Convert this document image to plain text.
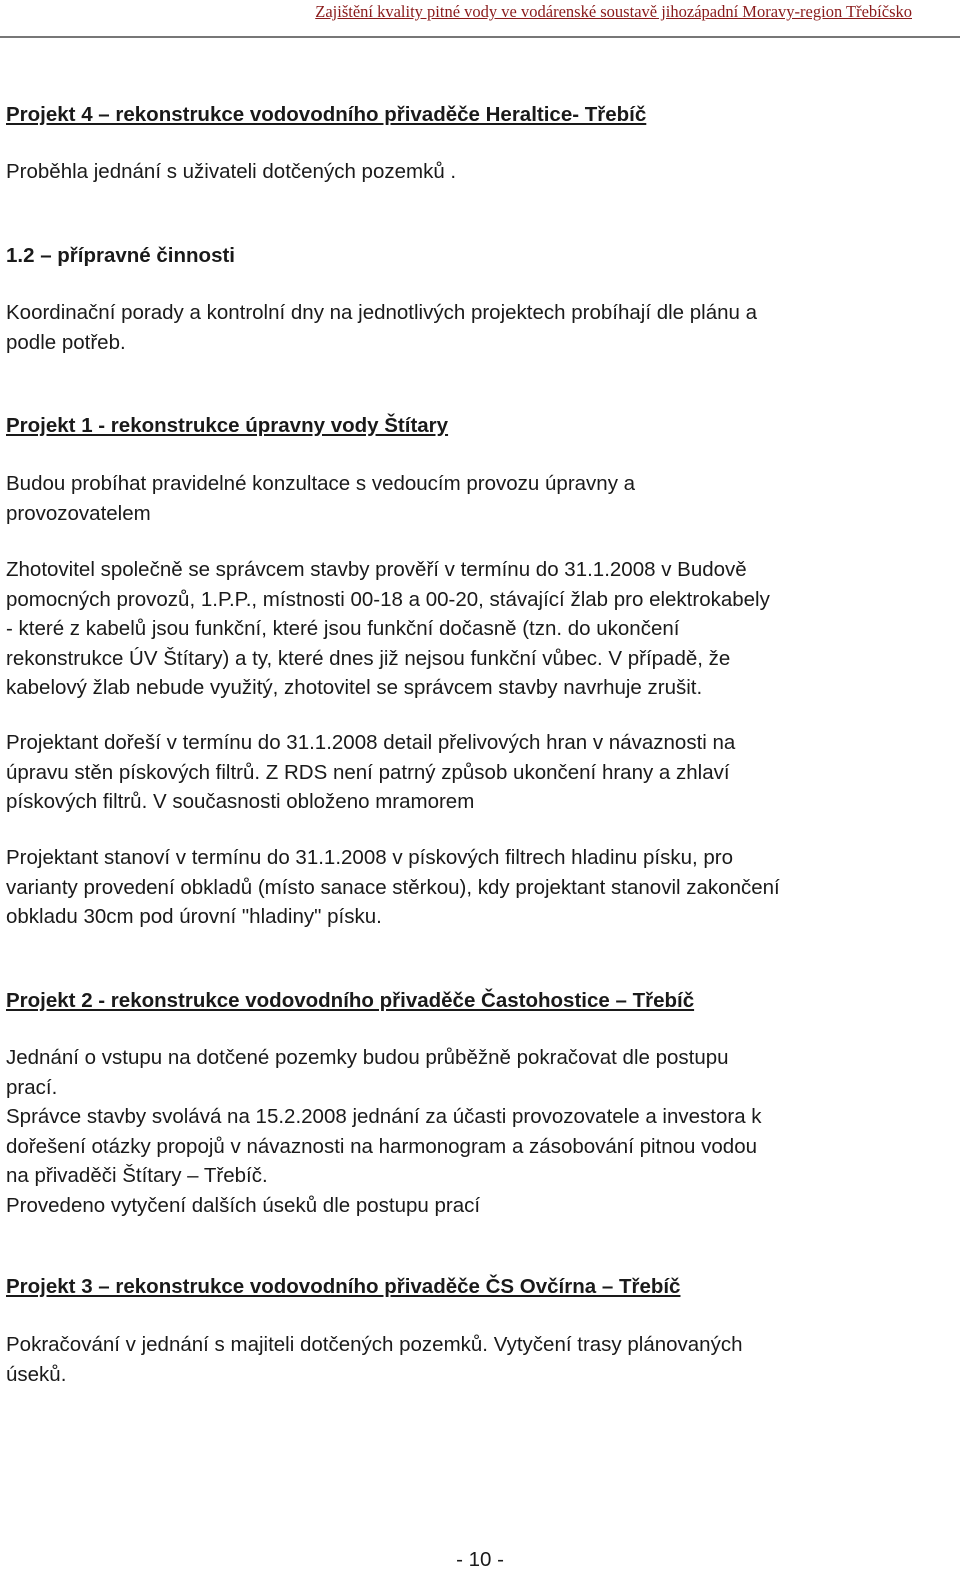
Zajištění kvality pitné vody ve vodárenské soustavě jihozápadní Moravy-region Třebíčsko
Projekt 4 – rekonstrukce vodovodního přivaděče Heraltice- Třebíč
Proběhla jednání s uživateli dotčených pozemků .
1.2 – přípravné činnosti
Koordinační porady a kontrolní dny na jednotlivých projektech probíhají dle plánu a
podle potřeb.
Projekt 1 - rekonstrukce úpravny vody Štítary
Budou probíhat pravidelné konzultace s vedoucím provozu úpravny a
provozovatelem
Zhotovitel společně se správcem stavby prověří v termínu do 31.1.2008 v Budově
pomocných provozů, 1.P.P., místnosti 00-18 a 00-20, stávající žlab pro elektrokabely
- které z kabelů jsou funkční, které jsou funkční dočasně (tzn. do ukončení
rekonstrukce ÚV Štítary) a ty, které dnes již nejsou funkční vůbec. V případě, že
kabelový žlab nebude využitý, zhotovitel se správcem stavby navrhuje zrušit.
Projektant dořeší v termínu do 31.1.2008 detail přelivových hran v návaznosti na
úpravu stěn pískových filtrů. Z RDS není patrný způsob ukončení hrany a zhlaví
pískových filtrů. V současnosti obloženo mramorem
Projektant stanoví v termínu do 31.1.2008 v pískových filtrech hladinu písku, pro
varianty provedení obkladů (místo sanace stěrkou), kdy projektant stanovil zakončení
obkladu 30cm pod úrovní "hladiny" písku.
Projekt 2 - rekonstrukce vodovodního přivaděče Častohostice – Třebíč
Jednání o vstupu na dotčené pozemky budou průběžně pokračovat dle postupu
prací.
Správce stavby svolává na 15.2.2008 jednání za účasti provozovatele a investora k
dořešení otázky propojů v návaznosti na harmonogram a zásobování pitnou vodou
na přivaděči Štítary – Třebíč.
Provedeno vytyčení dalších úseků dle postupu prací
Projekt 3 – rekonstrukce vodovodního přivaděče ČS Ovčírna – Třebíč
Pokračování v jednání s majiteli dotčených pozemků. Vytyčení trasy plánovaných
úseků.
- 10 -
